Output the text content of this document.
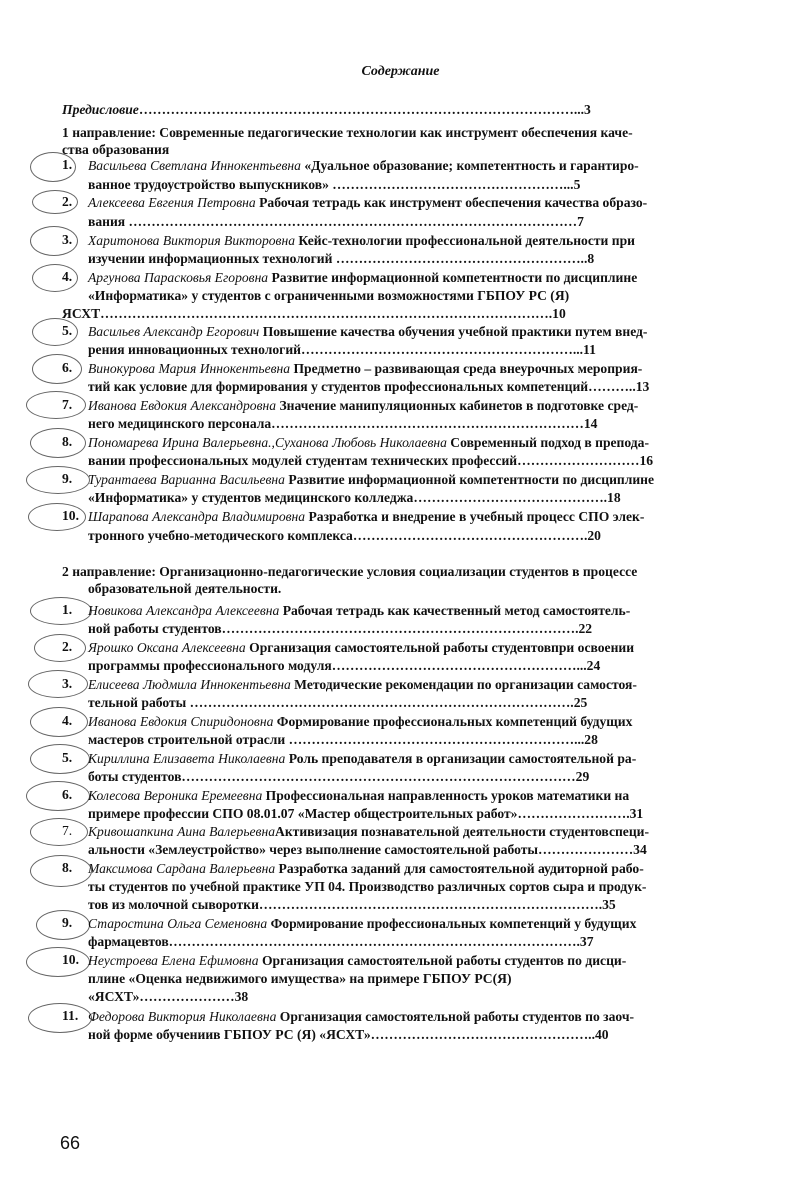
Содержание
Предисловие……………………………………………………………………………………...3
1 направление: Современные педагогические технологии как инструмент обеспечения каче-
ства образования
1. Васильева Светлана Иннокентьевна «Дуальное образование; компетентность и гарантиро-
ванное трудоустройство выпускников» ……………………………………………...5
2. Алексеева Евгения Петровна Рабочая тетрадь как инструмент обеспечения качества образо-
вания ………………………………………………………………………………………7
3. Харитонова Виктория Викторовна Кейс-технологии профессиональной деятельности при
изучении информационных технологий ………………………………………………..8
4. Аргунова Парасковья Егоровна Развитие информационной компетентности по дисциплине
«Информатика» у студентов с ограниченными возможностями ГБПОУ РС (Я)
ЯСХТ……………………………………………………………………………………….10
5. Васильев Александр Егорович Повышение качества обучения учебной практики путем внед-
рения инновационных технологий……………………………………………………...11
6. Винокурова Мария Иннокентьевна Предметно – развивающая среда внеурочных мероприя-
тий как условие для формирования у студентов профессиональных компетенций………..13
7. Иванова Евдокия Александровна Значение манипуляционных кабинетов в подготовке сред-
него медицинского персонала……………………………………………………………14
8. Пономарева Ирина Валерьевна.,Суханова Любовь Николаевна Современный подход в препода-
вании профессиональных модулей студентам технических профессий………………………16
9. Турантаева Варианна Васильевна Развитие информационной компетентности по дисциплине
«Информатика» у студентов медицинского колледжа…………………………………….18
10. Шарапова Александра Владимировна Разработка и внедрение в учебный процесс СПО элек-
тронного учебно-методического комплекса…………………………………………….20
2 направление: Организационно-педагогические условия социализации студентов в процессе
образовательной деятельности.
1. Новикова Александра Алексеевна Рабочая тетрадь как качественный метод самостоятель-
ной работы студентов…………………………………………………………………….22
2. Ярошко Оксана Алексеевна Организация самостоятельной работы студентовпри освоении
программы профессионального модуля………………………………………………...24
3. Елисеева Людмила Иннокентьевна Методические рекомендации по организации самостоя-
тельной работы ………………………………………………………………………….25
4. Иванова Евдокия Спиридоновна Формирование профессиональных компетенций будущих
мастеров строительной отрасли ………………………………………………………...28
5. Кириллина Елизавета Николаевна Роль преподавателя в организации самостоятельной ра-
боты студентов……………………………………………………………………………29
6. Колесова Вероника Еремеевна Профессиональная направленность уроков математики на
примере профессии СПО 08.01.07 «Мастер общестроительных работ»…………………….31
7. Кривошапкина Аина ВалерьевнаАктивизация познавательной деятельности студентовспеци-
альности «Землеустройство» через выполнение самостоятельной работы…………………34
8. Максимова Сардана Валерьевна Разработка заданий для самостоятельной аудиторной рабо-
ты студентов по учебной практике УП 04. Производство различных сортов сыра и продук-
тов из молочной сыворотки………………………………………………………………….35
9. Старостина Ольга Семеновна Формирование профессиональных компетенций у будущих
фармацевтов……………………………………………………………………………….37
10. Неустроева Елена Ефимовна Организация самостоятельной работы студентов по дисци-
плине «Оценка недвижимого имущества» на примере ГБПОУ РС(Я)
«ЯСХТ»…………………38
11. Федорова Виктория Николаевна Организация самостоятельной работы студентов по заоч-
ной форме обучениив ГБПОУ РС (Я) «ЯСХТ»…………………………………………..40
66
